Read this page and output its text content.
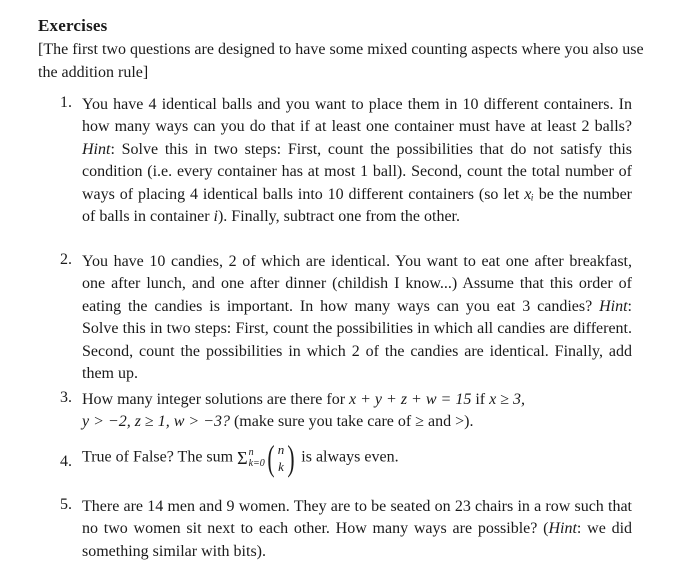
Exercises
[The first two questions are designed to have some mixed counting aspects where you also use the addition rule]
1. You have 4 identical balls and you want to place them in 10 different containers. In how many ways can you do that if at least one container must have at least 2 balls? Hint: Solve this in two steps: First, count the possibilities that do not satisfy this condition (i.e. every container has at most 1 ball). Second, count the total number of ways of placing 4 identical balls into 10 different containers (so let xᵢ be the number of balls in container i). Finally, subtract one from the other.
2. You have 10 candies, 2 of which are identical. You want to eat one after breakfast, one after lunch, and one after dinner (childish I know...) Assume that this order of eating the candies is important. In how many ways can you eat 3 candies? Hint: Solve this in two steps: First, count the possibilities in which all candies are different. Second, count the possibilities in which 2 of the candies are identical. Finally, add them up.
3. How many integer solutions are there for x + y + z + w = 15 if x ≥ 3,
y > −2, z ≥ 1, w > −3? (make sure you take care of ≥ and >).
4. True of False? The sum Σ n
k=0 ( n
k ) is always even.
5. There are 14 men and 9 women. They are to be seated on 23 chairs in a row such that no two women sit next to each other. How many ways are possible? (Hint: we did something similar with bits).
